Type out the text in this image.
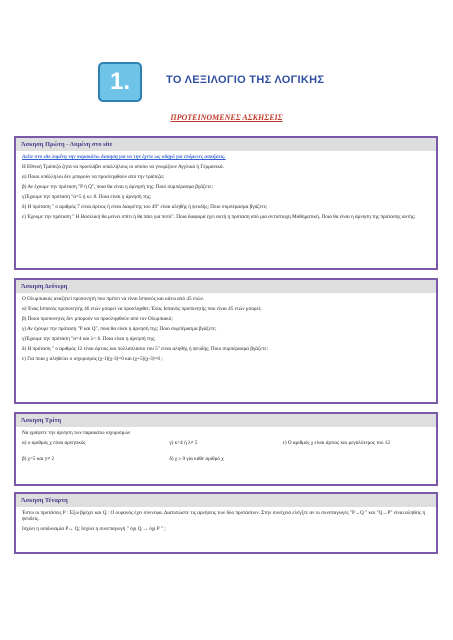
1.	ΤΟ ΛΕΞΙΛΟΓΙΟ ΤΗΣ ΛΟΓΙΚΗΣ
ΠΡΟΤΕΙΝΟΜΕΝΕΣ ΑΣΚΗΣΕΙΣ
Άσκηση Πρώτη - Λυμένη στο site

Δείτε στο site λυμένη την παρακάτω άσκηση για να την έχετε ως οδηγό για επόμενες ασκήσεις.

Η Εθνική Τράπεζα ζητά να προσλάβει υπαλλήλους οι οποίοι να γνωρίζουν Αγγλικά ή Γερμανικά.

α) Ποιοι υπάλληλοι δεν μπορούν να προσληφθούν από την τράπεζα;

β) Αν έχουμε την πρόταση "P ή Q", ποια θα είναι η άρνησή της; Ποιο συμπέρασμα βγάζετε;

γ)Έχουμε την πρόταση "α=5 ή κ≥ 8. Ποια είναι η άρνησή της;

δ) Η πρόταση " ο αριθμός 7 είναι άρτιος ή είναι διαιρέτης του 49" είναι αληθής ή ψευδής; Ποιο συμπέρασμα βγάζετε;

ε) Έχουμε την πρόταση " Η Βασιλική θα μείνει σπίτι ή θα πάει για ποτό". Ποια διαφορά έχει αυτή η πρόταση από μια αντίστοιχη Μαθηματική. Ποια θα είναι η άρνηση της πρότασης αυτής;

Άσκηση Δεύτερη

Ο Ολυμπιακός αναζητεί προπονητή που πρέπει να είναι Ισπανός και κάτω από 45 ετών.

α) Ένας Ισπανός προπονητής 46 ετών μπορεί να προσληφθεί; Ένας Ισπανός προπονητής που είναι 45 ετών μπορεί;

β) Ποιοι προπονητές δεν μπορούν να προσληφθούν από τον Ολυμπιακό;

γ) Αν έχουμε την πρόταση "P και Q", ποια θα είναι η άρνησή της; Ποιο συμπέρασμα βγάζετε;

γ)Έχουμε την πρόταση "α=4 και λ< 6. Ποια είναι η άρνησή της;

δ) Η πρόταση " ο αριθμός 12 είναι άρτιος και πολλαπλάσιο του 5" είναι αληθής ή ψευδής; Ποιο συμπέρασμα βγάζετε;

ε) Για ποια χ αληθεύει ο ισχυρισμός (χ-1)(χ-3)=0 και (χ+5)(χ-3)=0 ;

Άσκηση Τρίτη

Να γράψετε την άρνηση των παρακάτω ισχυρισμών

α) ο αριθμός χ είναι αρνητικός	γ) κ>4 ή λ≠ 5	ε) Ο αριθμός χ είναι άρτιος και μεγαλύτερος του 12
β) χ=5 και y≠ 2	δ) χ ≥ 0 για κάθε αριθμό χ
Άσκηση Τέταρτη

Έστω οι προτάσεις P : Έξω βρέχει και Q : Ο ουρανός έχει σύννεφα. Διατυπώστε τις αρνήσεις των δύο προτάσεων. Στην συνέχεια ελέγξτε αν οι συνεπαγωγές "P→Q " και "Q→P" είναι αληθείς ή ψευδείς.

Ισχύει η ισοδυναμία P↔ Q; Ισχύει η συνεπαγωγή " όχι Q → όχι P " ;
